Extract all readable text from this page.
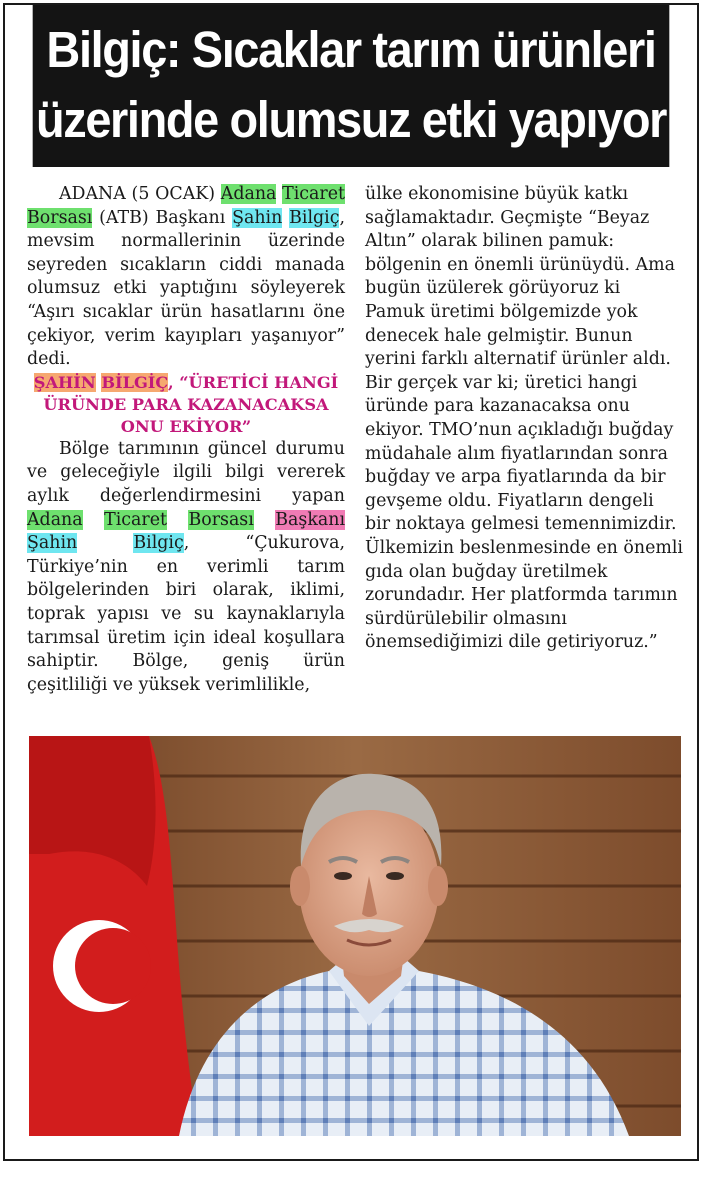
Bilgiç: Sıcaklar tarım ürünleri
üzerinde olumsuz etki yapıyor

ADANA (5 OCAK) Adana Ticaret Borsası (ATB) Başkanı Şahin Bilgiç, mevsim normallerinin üzerinde seyreden sıcakların ciddi manada olumsuz etki yaptığını söyleyerek “Aşırı sıcaklar ürün hasatlarını öne çekiyor, verim kayıpları yaşanıyor” dedi.

ŞAHİN BİLGİÇ, “ÜRETİCİ HANGİ ÜRÜNDE PARA KAZANACAKSA ONU EKİYOR”

Bölge tarımının güncel durumu ve geleceğiyle ilgili bilgi vererek aylık değerlendirmesini yapan Adana Ticaret Borsası Başkanı Şahin	Bilgiç, “Çukurova, Türkiye’nin en verimli tarım bölgelerinden biri olarak, iklimi, toprak yapısı ve su kaynaklarıyla tarımsal üretim için ideal koşullara sahiptir. Bölge, geniş ürün çeşitliliği ve yüksek verimlilikle,

ülke ekonomisine büyük katkı sağlamaktadır. Geçmişte “Beyaz Altın” olarak bilinen pamuk: bölgenin en önemli ürünüydü. Ama bugün üzülerek görüyoruz ki Pamuk üretimi bölgemizde yok denecek hale gelmiştir. Bunun yerini farklı alternatif ürünler aldı. Bir gerçek var ki; üretici hangi üründe para kazanacaksa onu ekiyor. TMO’nun açıkladığı buğday müdahale alım fiyatlarından sonra buğday ve arpa fiyatlarında da bir gevşeme oldu. Fiyatların dengeli bir noktaya gelmesi temennimizdir. Ülkemizin beslenmesinde en önemli gıda olan buğday üretilmek zorundadır. Her platformda tarımın sürdürülebilir olmasını önemsediğimizi dile getiriyoruz.”
